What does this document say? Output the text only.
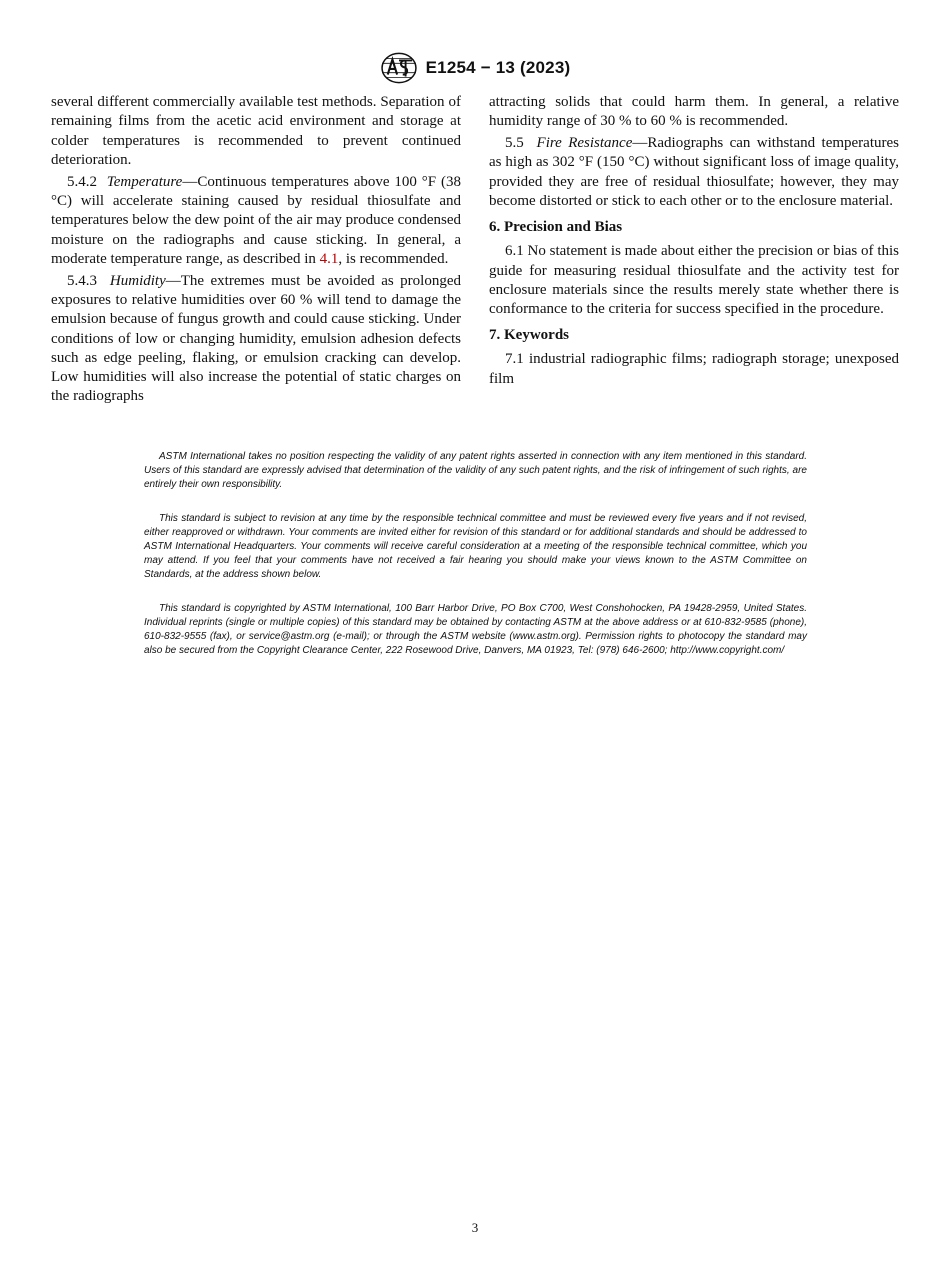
E1254 − 13 (2023)

several different commercially available test methods. Separation of remaining films from the acetic acid environment and storage at colder temperatures is recommended to prevent continued deterioration.

5.4.2 Temperature—Continuous temperatures above 100 °F (38 °C) will accelerate staining caused by residual thiosulfate and temperatures below the dew point of the air may produce condensed moisture on the radiographs and cause sticking. In general, a moderate temperature range, as described in 4.1, is recommended.

5.4.3 Humidity—The extremes must be avoided as prolonged exposures to relative humidities over 60 % will tend to damage the emulsion because of fungus growth and could cause sticking. Under conditions of low or changing humidity, emulsion adhesion defects such as edge peeling, flaking, or emulsion cracking can develop. Low humidities will also increase the potential of static charges on the radiographs

attracting solids that could harm them. In general, a relative humidity range of 30 % to 60 % is recommended.

5.5 Fire Resistance—Radiographs can withstand temperatures as high as 302 °F (150 °C) without significant loss of image quality, provided they are free of residual thiosulfate; however, they may become distorted or stick to each other or to the enclosure material.

6. Precision and Bias

6.1 No statement is made about either the precision or bias of this guide for measuring residual thiosulfate and the activity test for enclosure materials since the results merely state whether there is conformance to the criteria for success specified in the procedure.

7. Keywords

7.1 industrial radiographic films; radiograph storage; unexposed film

ASTM International takes no position respecting the validity of any patent rights asserted in connection with any item mentioned in this standard. Users of this standard are expressly advised that determination of the validity of any such patent rights, and the risk of infringement of such rights, are entirely their own responsibility.

This standard is subject to revision at any time by the responsible technical committee and must be reviewed every five years and if not revised, either reapproved or withdrawn. Your comments are invited either for revision of this standard or for additional standards and should be addressed to ASTM International Headquarters. Your comments will receive careful consideration at a meeting of the responsible technical committee, which you may attend. If you feel that your comments have not received a fair hearing you should make your views known to the ASTM Committee on Standards, at the address shown below.

This standard is copyrighted by ASTM International, 100 Barr Harbor Drive, PO Box C700, West Conshohocken, PA 19428-2959, United States. Individual reprints (single or multiple copies) of this standard may be obtained by contacting ASTM at the above address or at 610-832-9585 (phone), 610-832-9555 (fax), or service@astm.org (e-mail); or through the ASTM website (www.astm.org). Permission rights to photocopy the standard may also be secured from the Copyright Clearance Center, 222 Rosewood Drive, Danvers, MA 01923, Tel: (978) 646-2600; http://www.copyright.com/

3
